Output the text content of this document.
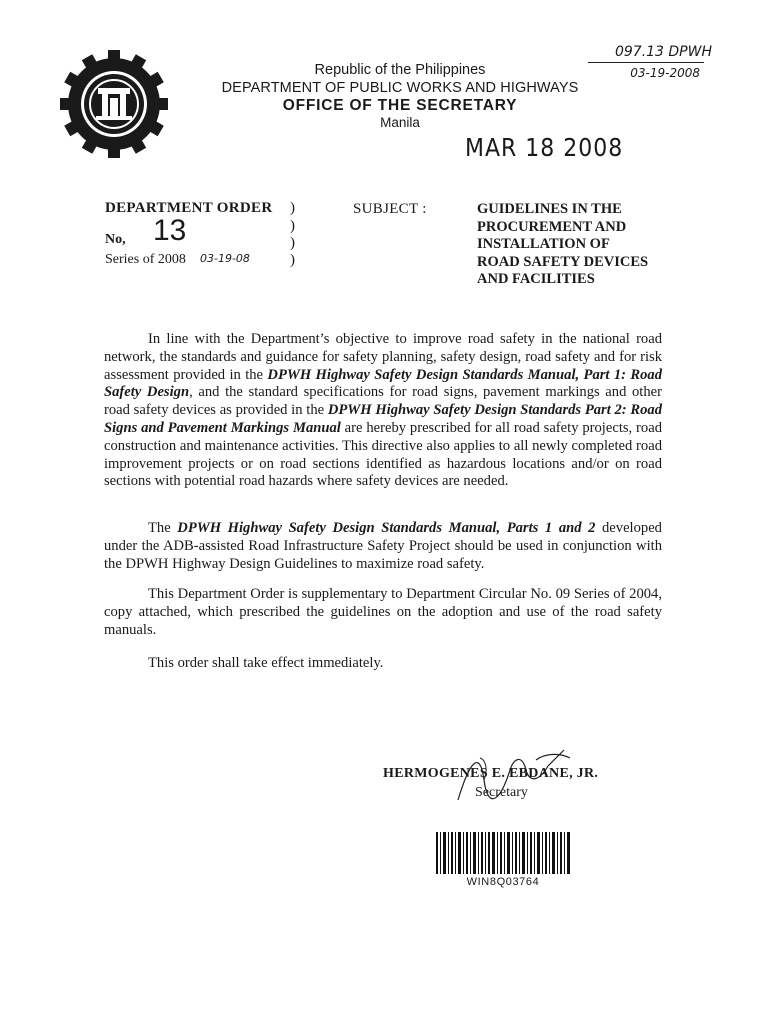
Republic of the Philippines
DEPARTMENT OF PUBLIC WORKS AND HIGHWAYS
OFFICE OF THE SECRETARY
Manila
097.13 DPWH
03-19-2008
MAR 18 2008
DEPARTMENT ORDER )
)
)
)
No, 13
Series of 2008 03-19-08
SUBJECT :	GUIDELINES IN THE
PROCUREMENT AND
INSTALLATION OF
ROAD SAFETY DEVICES
AND FACILITIES
In line with the Department’s objective to improve road safety in the national road network, the standards and guidance for safety planning, safety design, road safety and for risk assessment provided in the DPWH Highway Safety Design Standards Manual, Part 1: Road Safety Design, and the standard specifications for road signs, pavement markings and other road safety devices as provided in the DPWH Highway Safety Design Standards Part 2: Road Signs and Pavement Markings Manual are hereby prescribed for all road safety projects, road construction and maintenance activities. This directive also applies to all newly completed road improvement projects or on road sections identified as hazardous locations and/or on road sections with potential road hazards where safety devices are needed.
The DPWH Highway Safety Design Standards Manual, Parts 1 and 2 developed under the ADB-assisted Road Infrastructure Safety Project should be used in conjunction with the DPWH Highway Design Guidelines to maximize road safety.
This Department Order is supplementary to Department Circular No. 09 Series of 2004, copy attached, which prescribed the guidelines on the adoption and use of the road safety manuals.
This order shall take effect immediately.
HERMOGENES E. EBDANE, JR.
Secretary
WIN8Q03764
